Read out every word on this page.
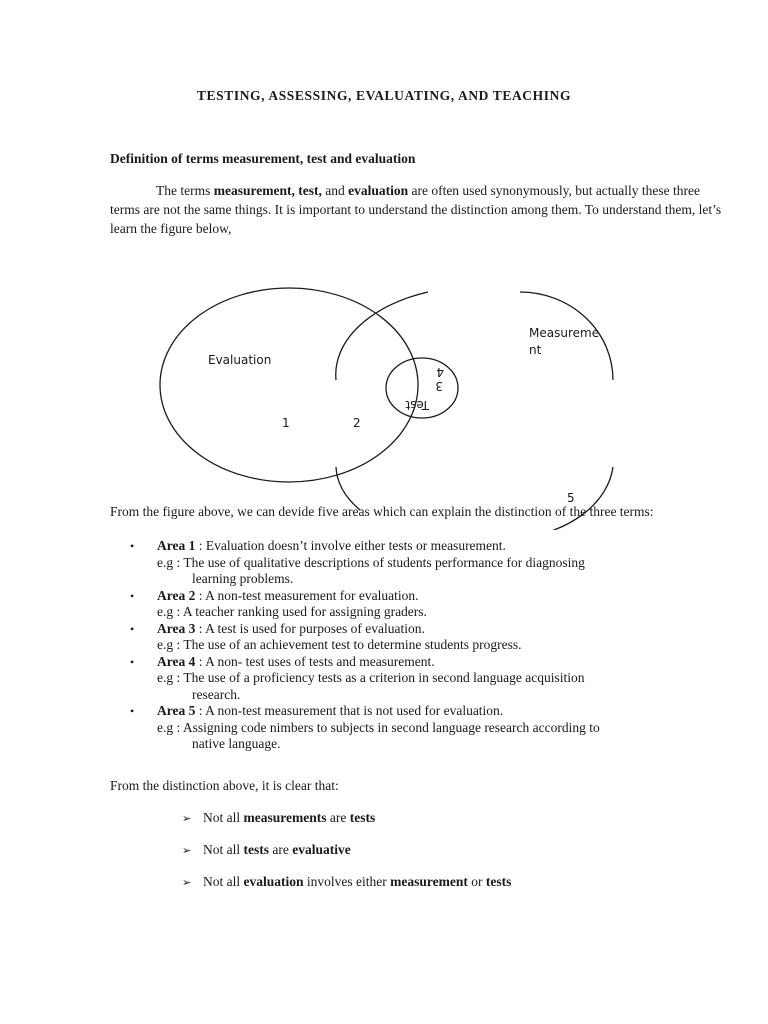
TESTING, ASSESSING, EVALUATING, AND TEACHING
Definition of terms measurement, test and evaluation
The terms measurement, test, and evaluation are often used synonymously, but actually these three terms are not the same things. It is important to understand the distinction among them. To understand them, let’s learn the figure below,
Evaluation
Measureme
nt
Test
1	2
3
4
5
From the figure above, we can devide five areas which can explain the distinction of the three terms:
•	Area 1 : Evaluation doesn’t involve either tests or measurement.
e.g : The use of qualitative descriptions of students performance for diagnosing
learning problems.
•	Area 2 : A non-test measurement for evaluation.
e.g : A teacher ranking used for assigning graders.
•	Area 3 : A test is used for purposes of evaluation.
e.g : The use of an achievement test to determine students progress.
•	Area 4 : A non- test uses of tests and measurement.
e.g : The use of a proficiency tests as a criterion in second language acquisition
research.
•	Area 5 : A non-test measurement that is not used for evaluation.
e.g : Assigning code nimbers to subjects in second language research according to
native language.
From the distinction above, it is clear that:
➢ Not all measurements are tests
➢ Not all tests are evaluative
➢ Not all evaluation involves either measurement or tests
